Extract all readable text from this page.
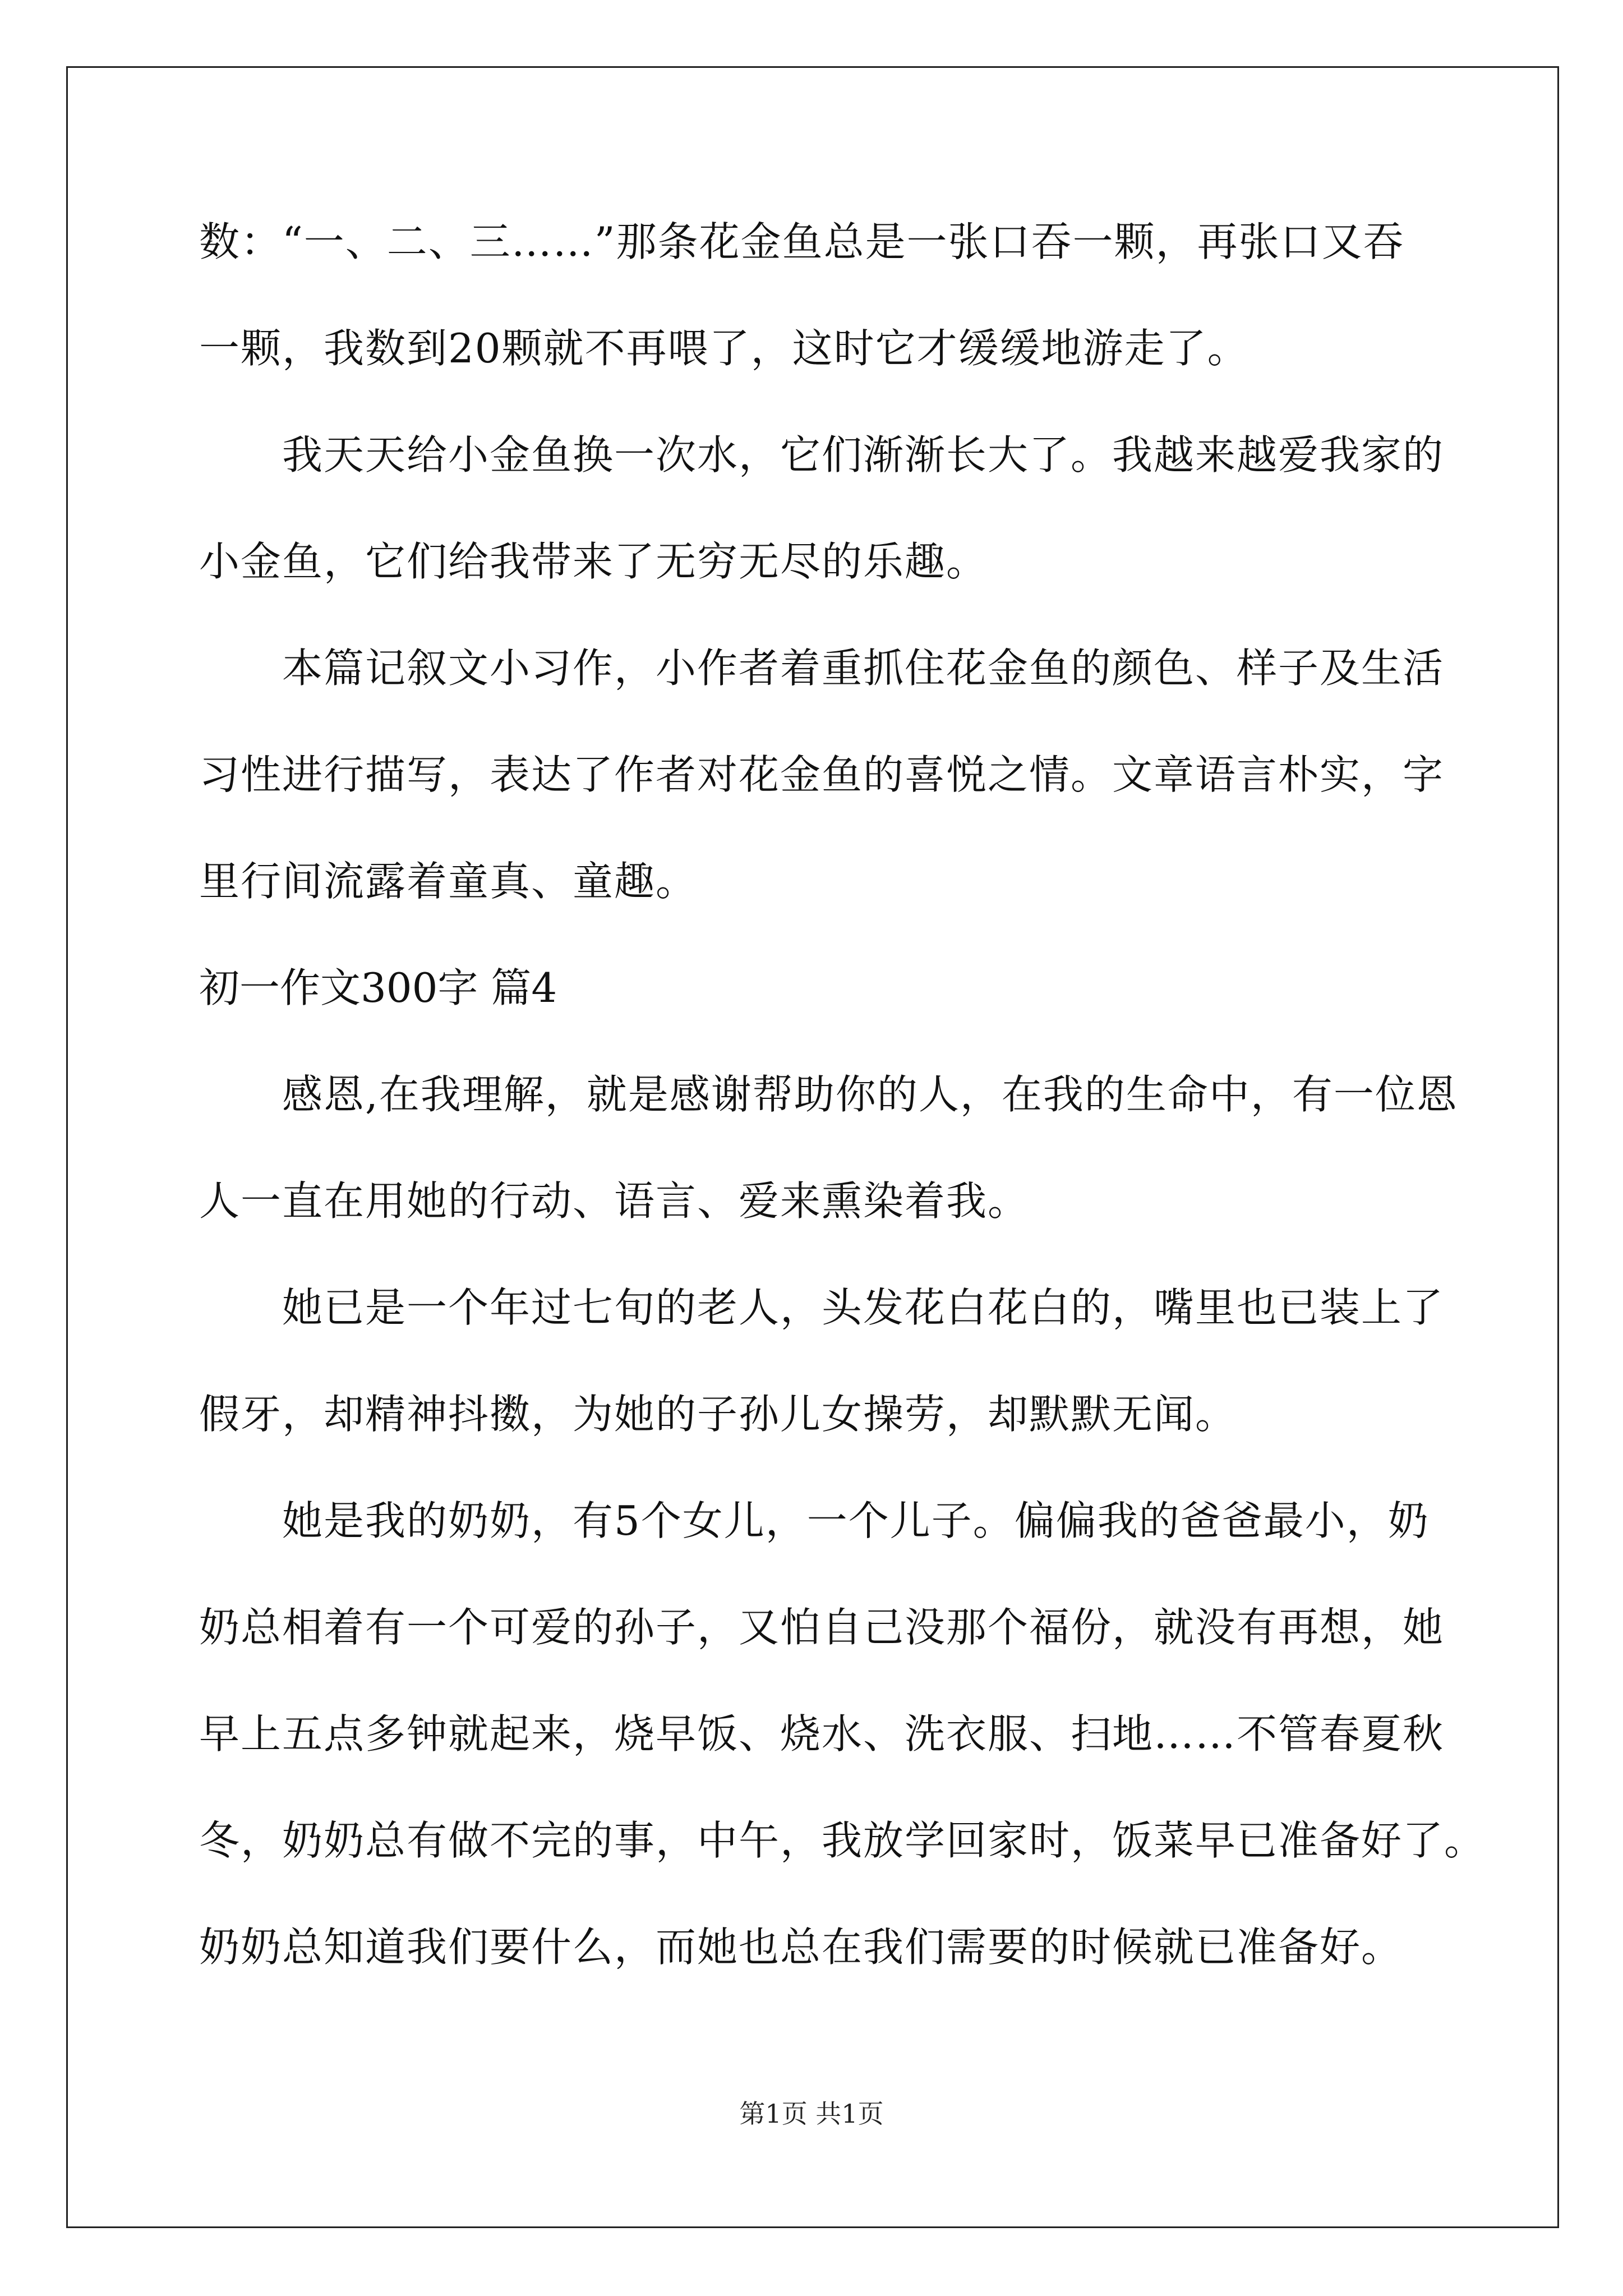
数：“一、二、三……”那条花金鱼总是一张口吞一颗，再张口又吞
一颗，我数到20颗就不再喂了，这时它才缓缓地游走了。
我天天给小金鱼换一次水，它们渐渐长大了。我越来越爱我家的
小金鱼，它们给我带来了无穷无尽的乐趣。
本篇记叙文小习作，小作者着重抓住花金鱼的颜色、样子及生活
习性进行描写，表达了作者对花金鱼的喜悦之情。文章语言朴实，字
里行间流露着童真、童趣。
初一作文300字 篇4
感恩,在我理解，就是感谢帮助你的人，在我的生命中，有一位恩
人一直在用她的行动、语言、爱来熏染着我。
她已是一个年过七旬的老人，头发花白花白的，嘴里也已装上了
假牙，却精神抖擞，为她的子孙儿女操劳，却默默无闻。
她是我的奶奶，有5个女儿，一个儿子。偏偏我的爸爸最小，奶
奶总相着有一个可爱的孙子，又怕自己没那个福份，就没有再想，她
早上五点多钟就起来，烧早饭、烧水、洗衣服、扫地……不管春夏秋
冬，奶奶总有做不完的事，中午，我放学回家时，饭菜早已准备好了。
奶奶总知道我们要什么，而她也总在我们需要的时候就已准备好。
第1页 共1页
